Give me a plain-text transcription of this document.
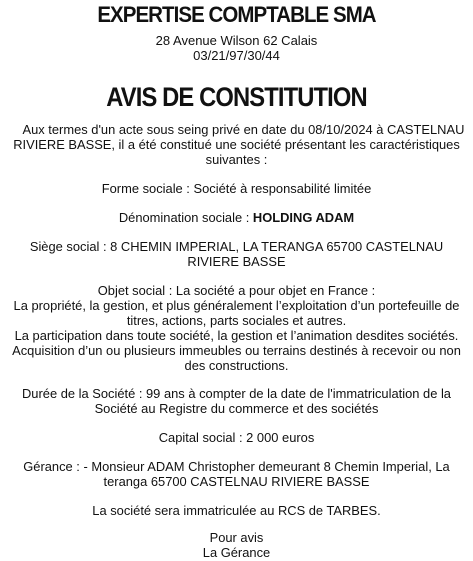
EXPERTISE COMPTABLE SMA
28 Avenue Wilson 62 Calais
03/21/97/30/44
AVIS DE CONSTITUTION
Aux termes d'un acte sous seing privé en date du 08/10/2024 à CASTELNAU
RIVIERE BASSE, il a été constitué une société présentant les caractéristiques
suivantes :
Forme sociale : Société à responsabilité limitée
Dénomination sociale : HOLDING ADAM
Siège social : 8 CHEMIN IMPERIAL, LA TERANGA 65700 CASTELNAU
RIVIERE BASSE
Objet social : La société a pour objet en France :
La propriété, la gestion, et plus généralement l’exploitation d’un portefeuille de
titres, actions, parts sociales et autres.
La participation dans toute société, la gestion et l’animation desdites sociétés.
Acquisition d’un ou plusieurs immeubles ou terrains destinés à recevoir ou non
des constructions.
Durée de la Société : 99 ans à compter de la date de l'immatriculation de la
Société au Registre du commerce et des sociétés
Capital social : 2 000 euros
Gérance : - Monsieur ADAM Christopher demeurant 8 Chemin Imperial, La
teranga 65700 CASTELNAU RIVIERE BASSE
La société sera immatriculée au RCS de TARBES.
Pour avis
La Gérance
